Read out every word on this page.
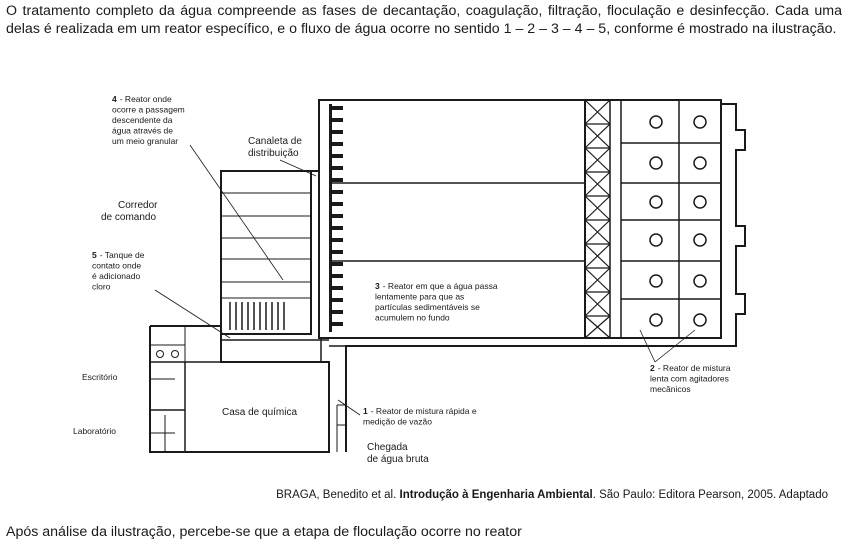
O tratamento completo da água compreende as fases de decantação, coagulação, filtração, floculação e desinfecção. Cada uma delas é realizada em um reator específico, e o fluxo de água ocorre no sentido 1 – 2 – 3 – 4 – 5, conforme é mostrado na ilustração.
4 - Reator onde ocorre a passagem descendente da água através de um meio granular	Canaleta de distribuição
Corredor de comando
5 - Tanque de contato onde é adicionado cloro	3 - Reator em que a água passa lentamente para que as partículas sedimentáveis se acumulem no fundo
2 - Reator de mistura lenta com agitadores mecânicos
Escritório
Laboratório
Casa de química	1 - Reator de mistura rápida e medição de vazão
Chegada de água bruta
BRAGA, Benedito et al. Introdução à Engenharia Ambiental. São Paulo: Editora Pearson, 2005. Adaptado
Após análise da ilustração, percebe-se que a etapa de floculação ocorre no reator
